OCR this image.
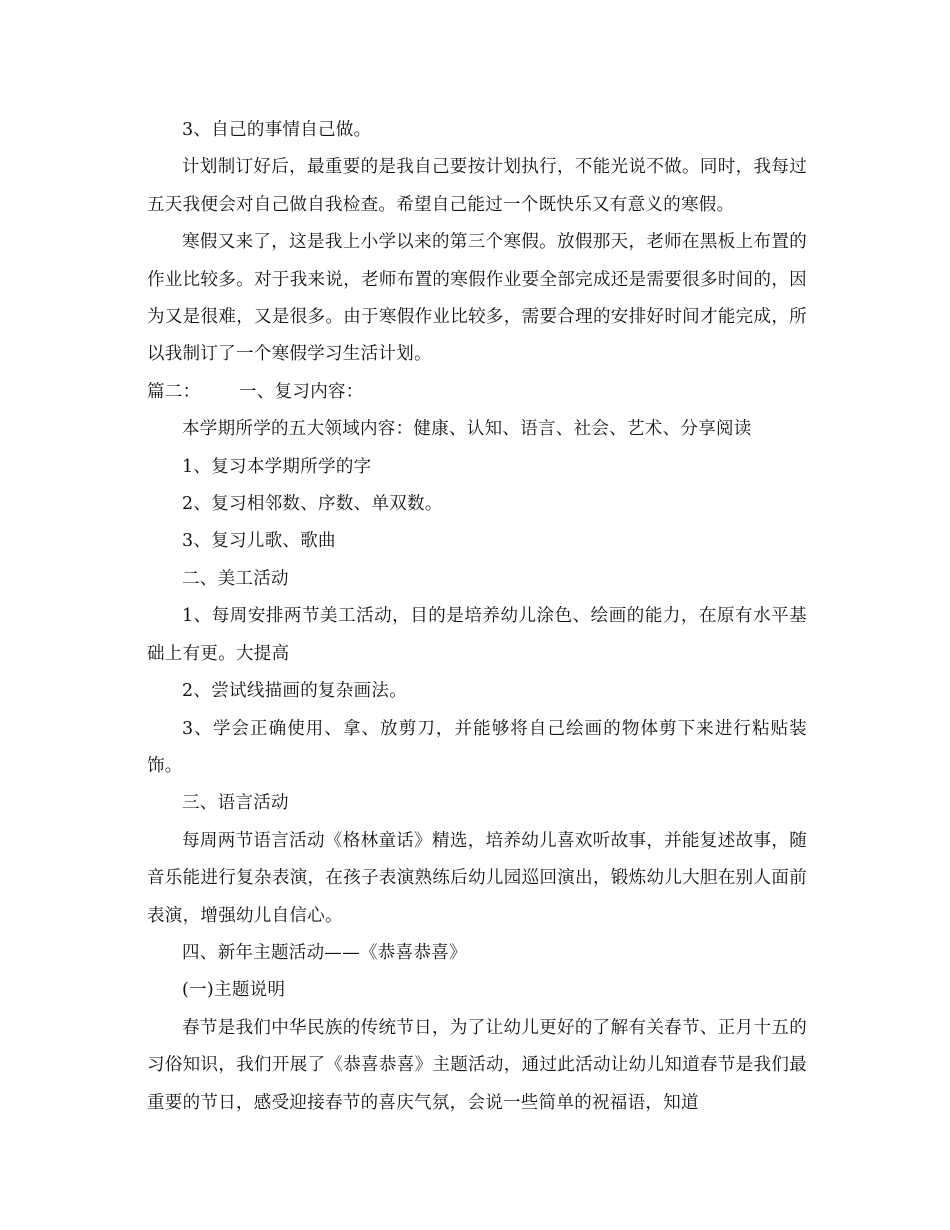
3、自己的事情自己做。

计划制订好后，最重要的是我自己要按计划执行，不能光说不做。同时，我每过五天我便会对自己做自我检查。希望自己能过一个既快乐又有意义的寒假。

寒假又来了，这是我上小学以来的第三个寒假。放假那天，老师在黑板上布置的作业比较多。对于我来说，老师布置的寒假作业要全部完成还是需要很多时间的，因为又是很难，又是很多。由于寒假作业比较多，需要合理的安排好时间才能完成，所以我制订了一个寒假学习生活计划。

篇二： 一、复习内容：

本学期所学的五大领域内容：健康、认知、语言、社会、艺术、分享阅读

1、复习本学期所学的字

2、复习相邻数、序数、单双数。

3、复习儿歌、歌曲

二、美工活动

1、每周安排两节美工活动，目的是培养幼儿涂色、绘画的能力，在原有水平基础上有更。大提高

2、尝试线描画的复杂画法。

3、学会正确使用、拿、放剪刀，并能够将自己绘画的物体剪下来进行粘贴装饰。

三、语言活动

每周两节语言活动《格林童话》精选，培养幼儿喜欢听故事，并能复述故事，随音乐能进行复杂表演，在孩子表演熟练后幼儿园巡回演出，锻炼幼儿大胆在别人面前表演，增强幼儿自信心。

四、新年主题活动——《恭喜恭喜》

(一)主题说明

春节是我们中华民族的传统节日，为了让幼儿更好的了解有关春节、正月十五的习俗知识，我们开展了《恭喜恭喜》主题活动，通过此活动让幼儿知道春节是我们最重要的节日，感受迎接春节的喜庆气氛，会说一些简单的祝福语，知道
